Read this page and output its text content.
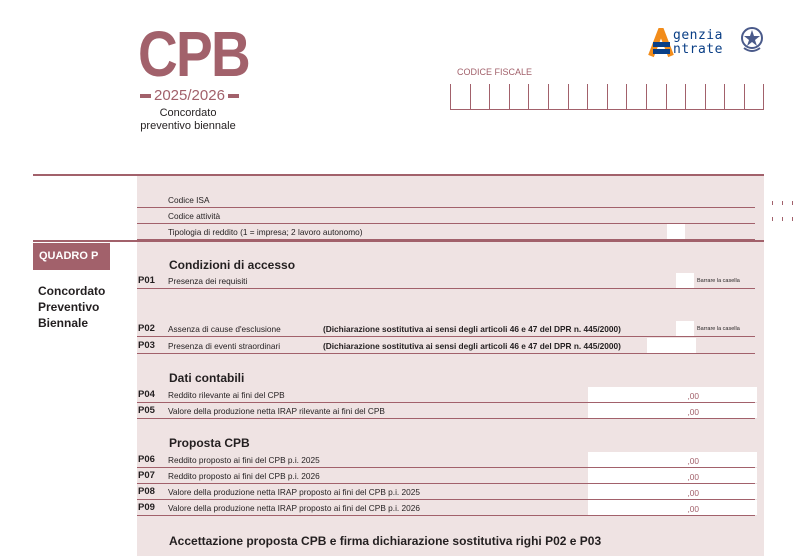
CPB
2025/2026
Concordato
preventivo biennale
CODICE FISCALE
genzia
ntrate
QUADRO P
Concordato
Preventivo
Biennale
Codice ISA
Codice attività
Tipologia di reddito (1 = impresa; 2 lavoro autonomo)
Condizioni di accesso
P01	Presenza dei requisiti	Barrare la casella
P02	Assenza di cause d'esclusione	(Dichiarazione sostitutiva ai sensi degli articoli 46 e 47 del DPR n. 445/2000)	Barrare la casella
P03	Presenza di eventi straordinari	(Dichiarazione sostitutiva ai sensi degli articoli 46 e 47 del DPR n. 445/2000)
Dati contabili
P04	Reddito rilevante ai fini del CPB	,00
P05	Valore della produzione netta IRAP rilevante ai fini del CPB	,00
Proposta CPB
P06	Reddito proposto ai fini del CPB p.i. 2025	,00
P07	Reddito proposto ai fini del CPB p.i. 2026	,00
P08	Valore della produzione netta IRAP proposto ai fini del CPB p.i. 2025	,00
P09	Valore della produzione netta IRAP proposto ai fini del CPB p.i. 2026	,00
Accettazione proposta CPB e firma dichiarazione sostitutiva righi P02 e P03
